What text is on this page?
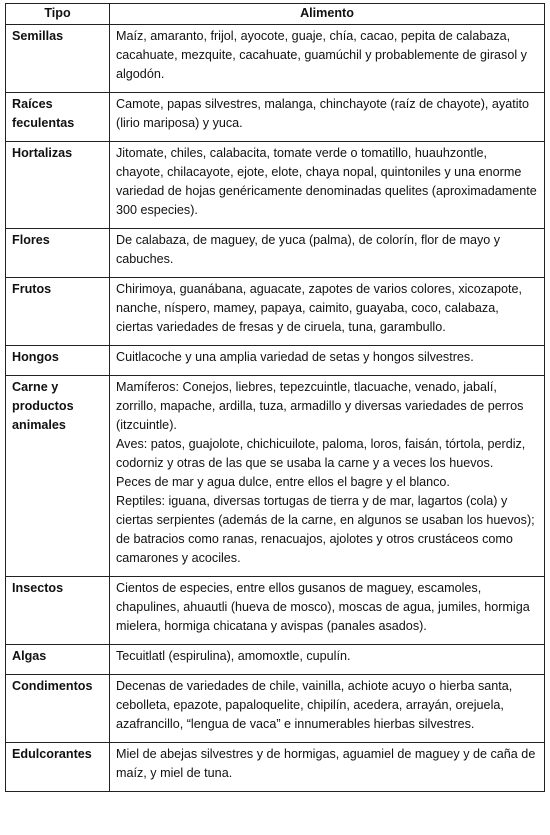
Tipo	Alimento
Semillas	Maíz, amaranto, frijol, ayocote, guaje, chía, cacao, pepita de calabaza, cacahuate, mezquite, cacahuate, guamúchil y probablemente de girasol y algodón.

Raíces feculentas	Camote, papas silvestres, malanga, chinchayote (raíz de chayote), ayatito (lirio mariposa) y yuca.

Hortalizas	Jitomate, chiles, calabacita, tomate verde o tomatillo, huauhzontle, chayote, chilacayote, ejote, elote, chaya nopal, quintoniles y una enorme variedad de hojas genéricamente denominadas quelites (aproximadamente 300 especies).

Flores	De calabaza, de maguey, de yuca (palma), de colorín, flor de mayo y cabuches.

Frutos	Chirimoya, guanábana, aguacate, zapotes de varios colores, xicozapote, nanche, níspero, mamey, papaya, caimito, guayaba, coco, calabaza, ciertas variedades de fresas y de ciruela, tuna, garambullo.

Hongos	Cuitlacoche y una amplia variedad de setas y hongos silvestres.

Carne y productos animales	Mamíferos: Conejos, liebres, tepezcuintle, tlacuache, venado, jabalí, zorrillo, mapache, ardilla, tuza, armadillo y diversas variedades de perros (itzcuintle).
Aves: patos, guajolote, chichicuilote, paloma, loros, faisán, tórtola, perdiz, codorniz y otras de las que se usaba la carne y a veces los huevos.
Peces de mar y agua dulce, entre ellos el bagre y el blanco.
Reptiles: iguana, diversas tortugas de tierra y de mar, lagartos (cola) y ciertas serpientes (además de la carne, en algunos se usaban los huevos); de batracios como ranas, renacuajos, ajolotes y otros crustáceos como camarones y acociles.

Insectos	Cientos de especies, entre ellos gusanos de maguey, escamoles, chapulines, ahuautli (hueva de mosco), moscas de agua, jumiles, hormiga mielera, hormiga chicatana y avispas (panales asados).

Algas	Tecuitlatl (espirulina), amomoxtle, cupulín.

Condimentos	Decenas de variedades de chile, vainilla, achiote acuyo o hierba santa, cebolleta, epazote, papaloquelite, chipilín, acedera, arrayán, orejuela, azafrancillo, “lengua de vaca” e innumerables hierbas silvestres.

Edulcorantes	Miel de abejas silvestres y de hormigas, aguamiel de maguey y de caña de maíz, y miel de tuna.
